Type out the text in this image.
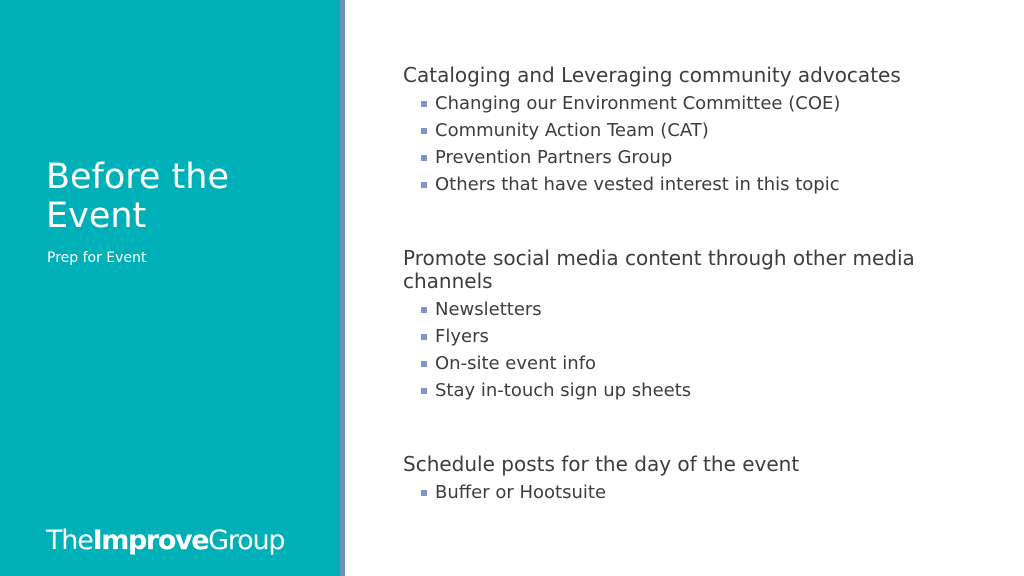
Before the Event

Prep for Event

TheImproveGroup

Cataloging and Leveraging community advocates

Changing our Environment Committee (COE)
Community Action Team (CAT)
Prevention Partners Group
Others that have vested interest in this topic

Promote social media content through other media channels

Newsletters
Flyers
On-site event info
Stay in-touch sign up sheets

Schedule posts for the day of the event

Buffer or Hootsuite
